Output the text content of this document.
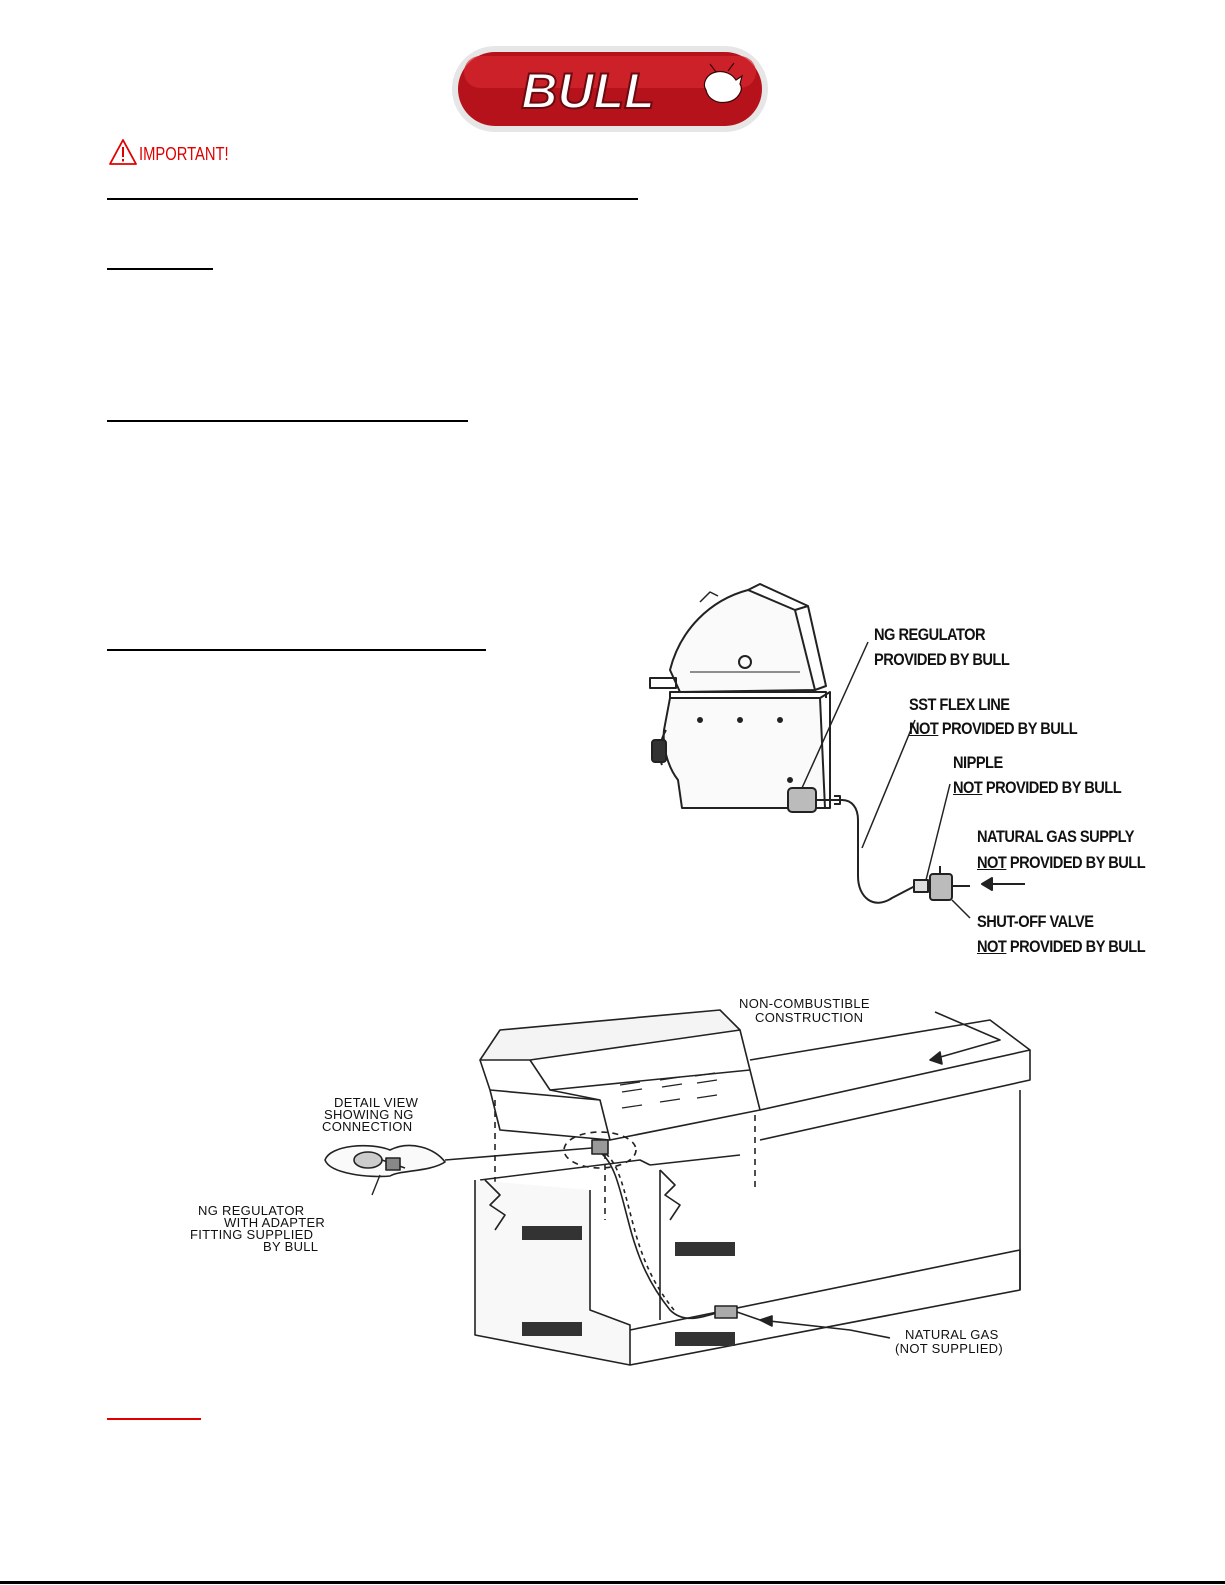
BULL
IMPORTANT!
NG REGULATOR
PROVIDED BY BULL
SST FLEX LINE
NOT PROVIDED BY BULL
NIPPLE
NOT PROVIDED BY BULL
NATURAL GAS SUPPLY
NOT PROVIDED BY BULL
SHUT-OFF VALVE
NOT PROVIDED BY BULL
NON-COMBUSTIBLE
CONSTRUCTION
DETAIL VIEW
SHOWING NG
CONNECTION
NG REGULATOR
WITH ADAPTER
FITTING SUPPLIED
BY BULL
NATURAL GAS
(NOT SUPPLIED)
